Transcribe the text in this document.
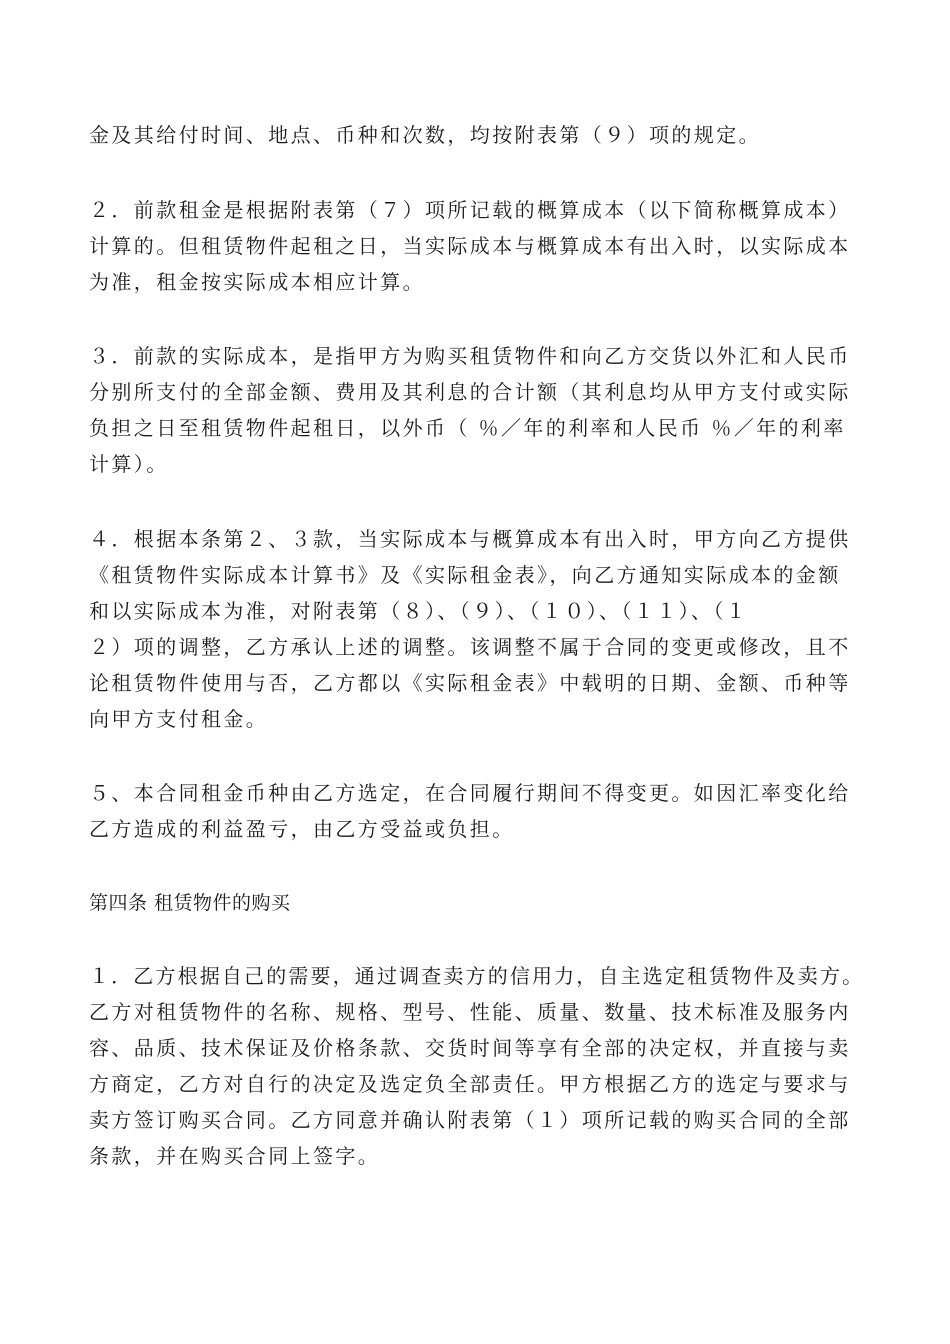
金及其给付时间、地点、币种和次数，均按附表第（９）项的规定。
２．前款租金是根据附表第（７）项所记载的概算成本（以下简称概算成本）
计算的。但租赁物件起租之日，当实际成本与概算成本有出入时，以实际成本
为准，租金按实际成本相应计算。
３．前款的实际成本，是指甲方为购买租赁物件和向乙方交货以外汇和人民币
分别所支付的全部金额、费用及其利息的合计额（其利息均从甲方支付或实际
负担之日至租赁物件起租日，以外币（ ％／年的利率和人民币 ％／年的利率
计算）。
４．根据本条第２、３款，当实际成本与概算成本有出入时，甲方向乙方提供
《租赁物件实际成本计算书》及《实际租金表》，向乙方通知实际成本的金额
和以实际成本为准，对附表第（８）、（９）、（１０）、（１１）、（１
２）项的调整，乙方承认上述的调整。该调整不属于合同的变更或修改，且不
论租赁物件使用与否，乙方都以《实际租金表》中载明的日期、金额、币种等
向甲方支付租金。
５、本合同租金币种由乙方选定，在合同履行期间不得变更。如因汇率变化给
乙方造成的利益盈亏，由乙方受益或负担。
第四条 租赁物件的购买
１．乙方根据自己的需要，通过调查卖方的信用力，自主选定租赁物件及卖方。
乙方对租赁物件的名称、规格、型号、性能、质量、数量、技术标准及服务内
容、品质、技术保证及价格条款、交货时间等享有全部的决定权，并直接与卖
方商定，乙方对自行的决定及选定负全部责任。甲方根据乙方的选定与要求与
卖方签订购买合同。乙方同意并确认附表第（１）项所记载的购买合同的全部
条款，并在购买合同上签字。
